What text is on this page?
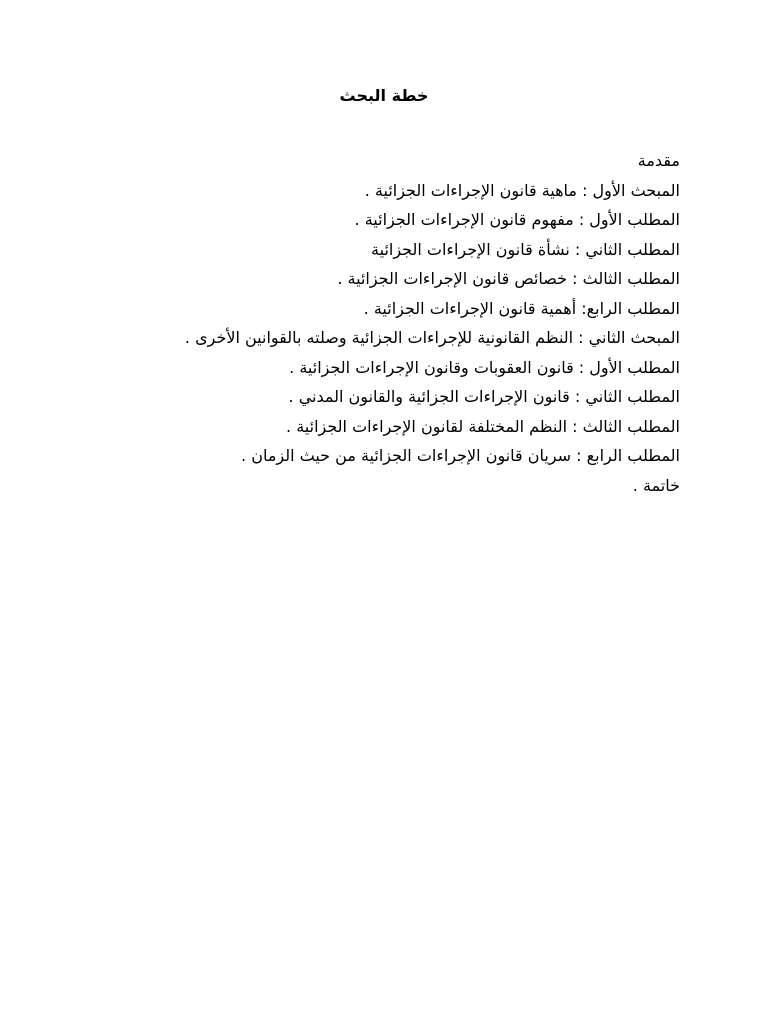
خطة البحث
مقدمة
المبحث الأول : ماهية قانون الإجراءات الجزائية .
المطلب الأول : مفهوم قانون الإجراءات الجزائية .
المطلب الثاني : نشأة قانون الإجراءات الجزائية
المطلب الثالث : خصائص قانون الإجراءات الجزائية .
المطلب الرابع: أهمية قانون الإجراءات الجزائية .
المبحث الثاني : النظم القانونية للإجراءات الجزائية وصلته بالقوانين الأخرى .
المطلب الأول : قانون العقوبات وقانون الإجراءات الجزائية .
المطلب الثاني : قانون الإجراءات الجزائية والقانون المدني .
المطلب الثالث : النظم المختلفة لقانون الإجراءات الجزائية .
المطلب الرابع : سريان قانون الإجراءات الجزائية من حيث الزمان .
خاتمة .
